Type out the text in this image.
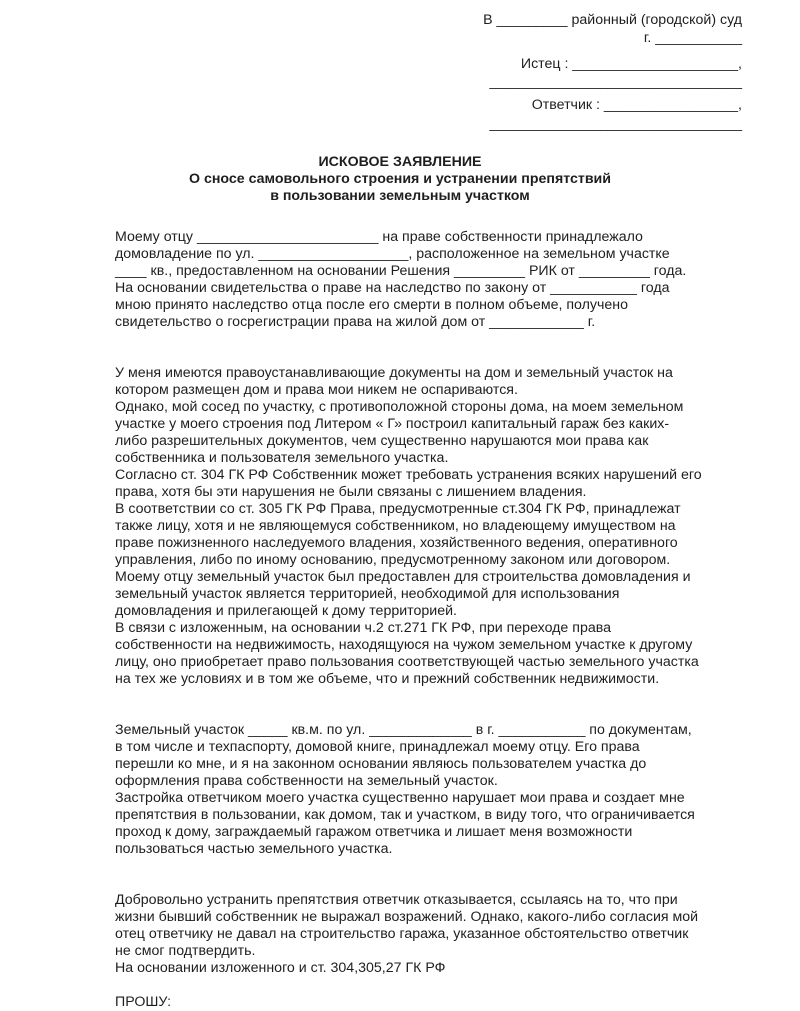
В _________ районный (городской) суд
г. ___________
Истец : _____________________,
________________________________
Ответчик : _________________,
________________________________
ИСКОВОЕ ЗАЯВЛЕНИЕ
О сносе самовольного строения и устранении препятствий
в пользовании земельным участком
Моему отцу _______________________ на праве собственности принадлежало
домовладение по ул. ___________________, расположенное на земельном участке
____ кв., предоставленном на основании Решения _________ РИК от _________ года.
На основании свидетельства о праве на наследство по закону от ___________ года
мною принято наследство отца после его смерти в полном объеме, получено
свидетельство о госрегистрации права на жилой дом от ____________ г.
У меня имеются правоустанавливающие документы на дом и земельный участок на
котором размещен дом и права мои никем не оспариваются.
Однако, мой сосед по участку, с противоположной стороны дома, на моем земельном
участке у моего строения под Литером « Г» построил капитальный гараж без каких-
либо разрешительных документов, чем существенно нарушаются мои права как
собственника и пользователя земельного участка.
Согласно ст. 304 ГК РФ Собственник может требовать устранения всяких нарушений его
права, хотя бы эти нарушения не были связаны с лишением владения.
В соответствии со ст. 305 ГК РФ Права, предусмотренные ст.304 ГК РФ, принадлежат
также лицу, хотя и не являющемуся собственником, но владеющему имуществом на
праве пожизненного наследуемого владения, хозяйственного ведения, оперативного
управления, либо по иному основанию, предусмотренному законом или договором.
Моему отцу земельный участок был предоставлен для строительства домовладения и
земельный участок является территорией, необходимой для использования
домовладения и прилегающей к дому территорией.
В связи с изложенным, на основании ч.2 ст.271 ГК РФ, при переходе права
собственности на недвижимость, находящуюся на чужом земельном участке к другому
лицу, оно приобретает право пользования соответствующей частью земельного участка
на тех же условиях и в том же объеме, что и прежний собственник недвижимости.
Земельный участок _____ кв.м. по ул. _____________ в г. ___________ по документам,
в том числе и техпаспорту, домовой книге, принадлежал моему отцу. Его права
перешли ко мне, и я на законном основании являюсь пользователем участка до
оформления права собственности на земельный участок.
Застройка ответчиком моего участка существенно нарушает мои права и создает мне
препятствия в пользовании, как домом, так и участком, в виду того, что ограничивается
проход к дому, заграждаемый гаражом ответчика и лишает меня возможности
пользоваться частью земельного участка.
Добровольно устранить препятствия ответчик отказывается, ссылаясь на то, что при
жизни бывший собственник не выражал возражений. Однако, какого-либо согласия мой
отец ответчику не давал на строительство гаража, указанное обстоятельство ответчик
не смог подтвердить.
На основании изложенного и ст. 304,305,27 ГК РФ
ПРОШУ:
